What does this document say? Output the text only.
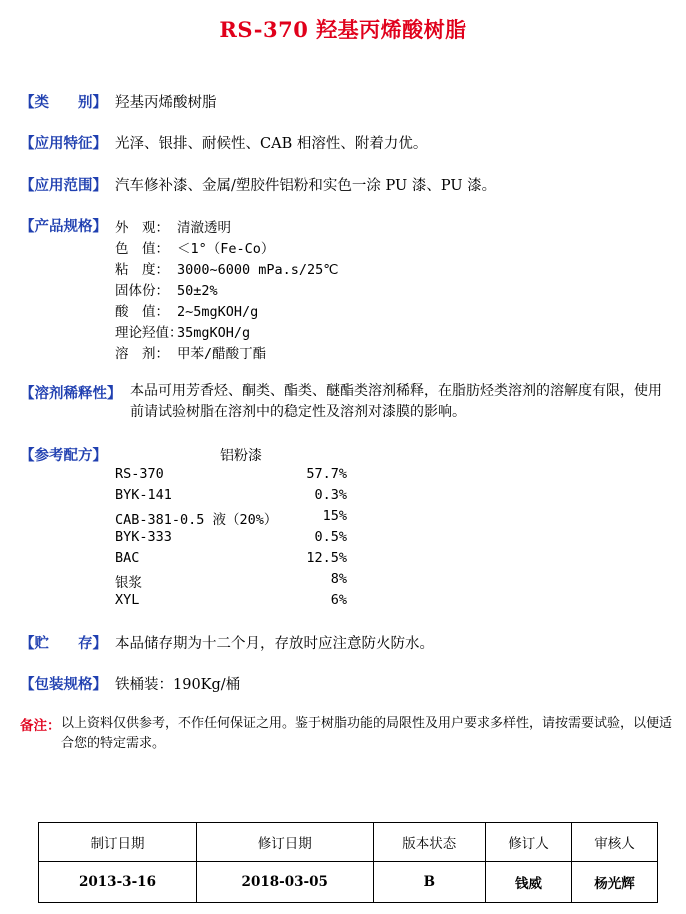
RS-370 羟基丙烯酸树脂
【类　　别】 羟基丙烯酸树脂
【应用特征】 光泽、银排、耐候性、CAB 相溶性、附着力优。
【应用范围】 汽车修补漆、金属/塑胶件铝粉和实色一涂 PU 漆、PU 漆。
【产品规格】 外　观： 清澈透明
色　值： ＜1°（Fe-Co）
粘　度： 3000~6000 mPa.s/25℃
固体份： 50±2%
酸　值： 2~5mgKOH/g
理论羟值：35mgKOH/g
溶　剂： 甲苯/醋酸丁酯
【溶剂稀释性】 本品可用芳香烃、酮类、酯类、醚酯类溶剂稀释，在脂肪烃类溶剂的溶解度有限，使用前请试验树脂在溶剂中的稳定性及溶剂对漆膜的影响。
【参考配方】	铝粉漆
RS-370	57.7%
BYK-141	0.3%
CAB-381-0.5 液（20%）	15%
BYK-333	0.5%
BAC	12.5%
银浆	8%
XYL	6%
【贮　　存】 本品储存期为十二个月，存放时应注意防火防水。
【包装规格】 铁桶装：190Kg/桶
备注： 以上资料仅供参考，不作任何保证之用。鉴于树脂功能的局限性及用户要求多样性，请按需要试验，以便适合您的特定需求。
制订日期	修订日期	版本状态	修订人	审核人
2013-3-16	2018-03-05	B	钱威	杨光辉
